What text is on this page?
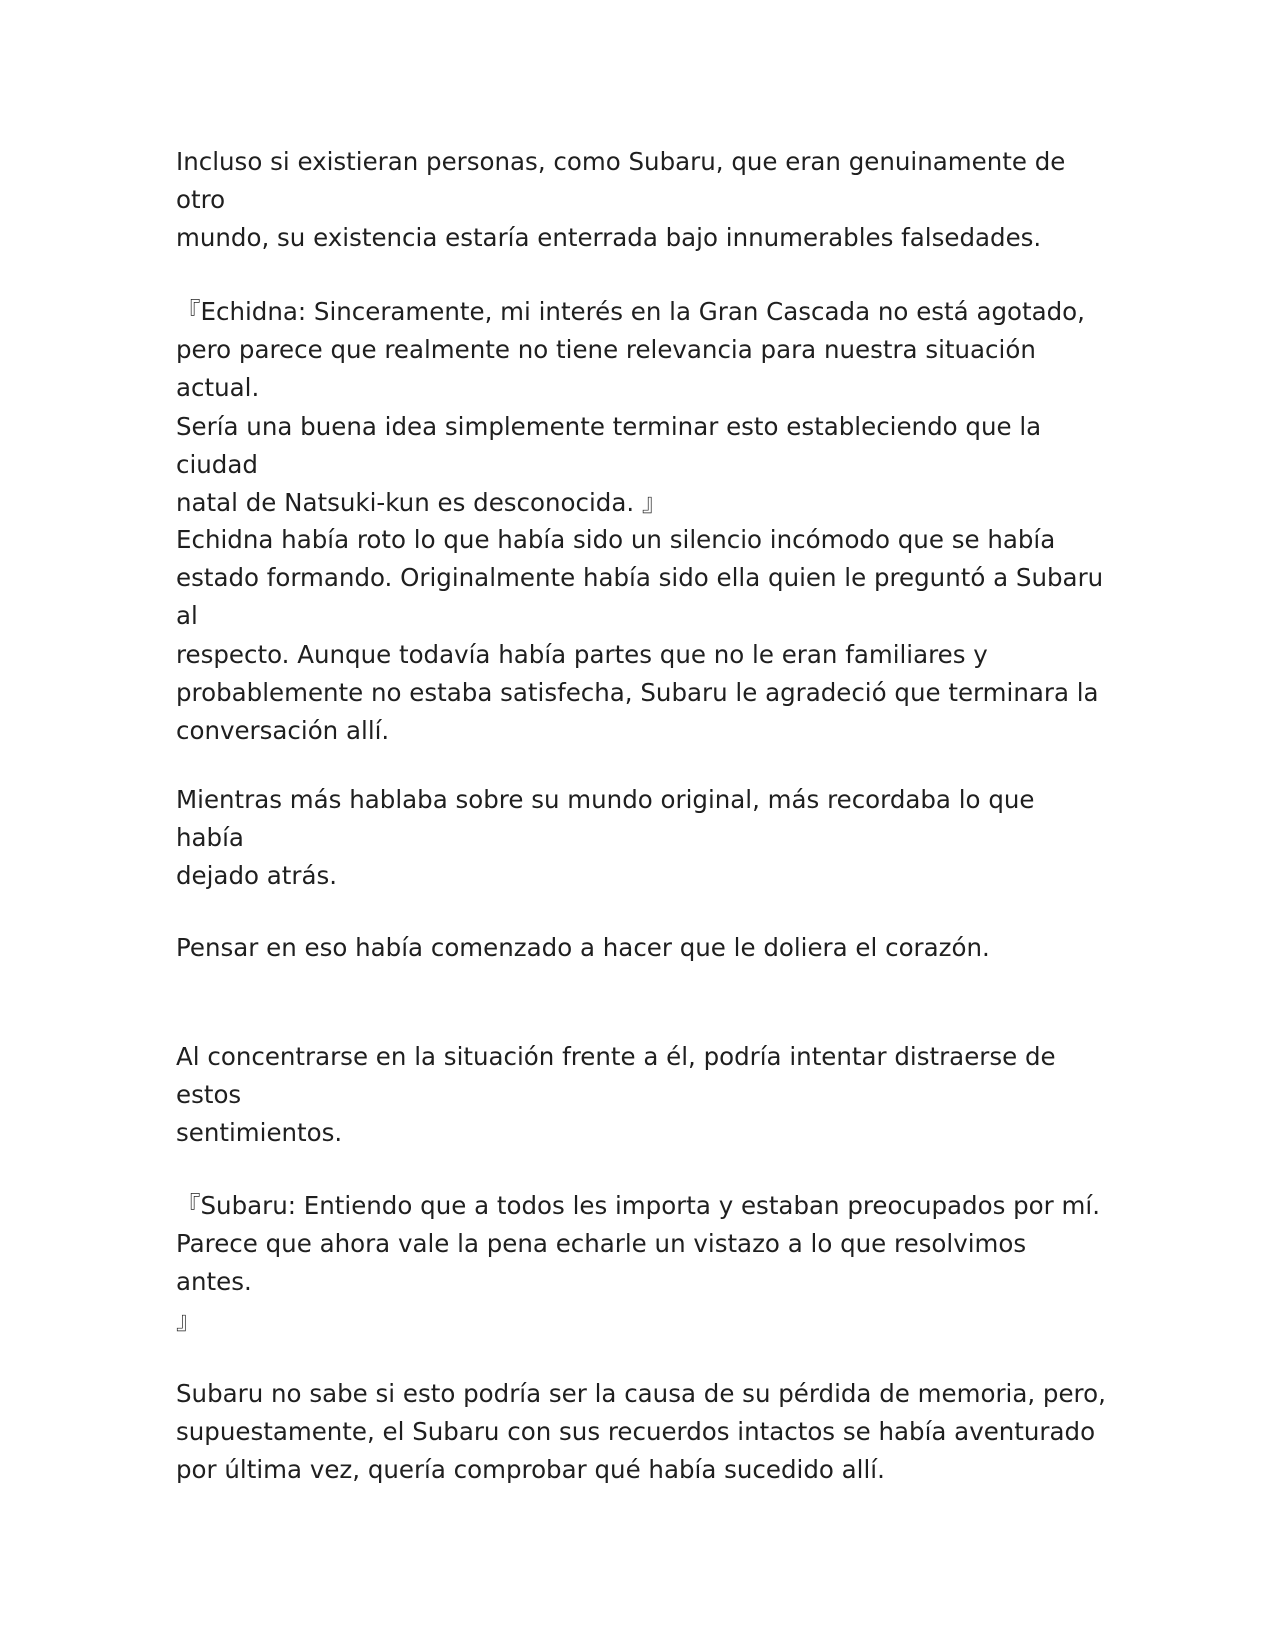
Incluso si existieran personas, como Subaru, que eran genuinamente de otro
mundo, su existencia estaría enterrada bajo innumerables falsedades.

『Echidna: Sinceramente, mi interés en la Gran Cascada no está agotado,
pero parece que realmente no tiene relevancia para nuestra situación actual.
Sería una buena idea simplemente terminar esto estableciendo que la ciudad
natal de Natsuki-kun es desconocida. 』

Echidna había roto lo que había sido un silencio incómodo que se había
estado formando. Originalmente había sido ella quien le preguntó a Subaru al
respecto. Aunque todavía había partes que no le eran familiares y
probablemente no estaba satisfecha, Subaru le agradeció que terminara la
conversación allí.

Mientras más hablaba sobre su mundo original, más recordaba lo que había
dejado atrás.

Pensar en eso había comenzado a hacer que le doliera el corazón.

Al concentrarse en la situación frente a él, podría intentar distraerse de estos
sentimientos.

『Subaru: Entiendo que a todos les importa y estaban preocupados por mí.
Parece que ahora vale la pena echarle un vistazo a lo que resolvimos antes.
』

Subaru no sabe si esto podría ser la causa de su pérdida de memoria, pero,
supuestamente, el Subaru con sus recuerdos intactos se había aventurado
por última vez, quería comprobar qué había sucedido allí.
